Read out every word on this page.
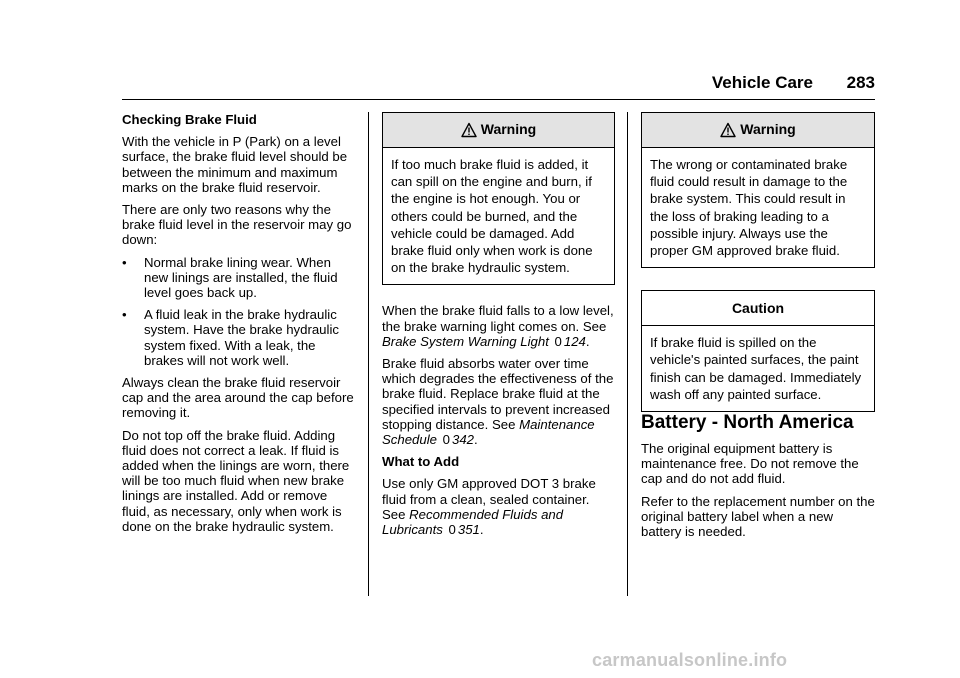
Vehicle Care 283

Checking Brake Fluid

With the vehicle in P (Park) on a level surface, the brake fluid level should be between the minimum and maximum marks on the brake fluid reservoir.

There are only two reasons why the brake fluid level in the reservoir may go down:

•	Normal brake lining wear. When new linings are installed, the fluid level goes back up.
•	A fluid leak in the brake hydraulic system. Have the brake hydraulic system fixed. With a leak, the brakes will not work well.

Always clean the brake fluid reservoir cap and the area around the cap before removing it.

Do not top off the brake fluid. Adding fluid does not correct a leak. If fluid is added when the linings are worn, there will be too much fluid when new brake linings are installed. Add or remove fluid, as necessary, only when work is done on the brake hydraulic system.

Warning
If too much brake fluid is added, it can spill on the engine and burn, if the engine is hot enough. You or others could be burned, and the vehicle could be damaged. Add brake fluid only when work is done on the brake hydraulic system.

When the brake fluid falls to a low level, the brake warning light comes on. See Brake System Warning Light 0 124.

Brake fluid absorbs water over time which degrades the effectiveness of the brake fluid. Replace brake fluid at the specified intervals to prevent increased stopping distance. See Maintenance Schedule 0 342.

What to Add

Use only GM approved DOT 3 brake fluid from a clean, sealed container. See Recommended Fluids and Lubricants 0 351.

Warning
The wrong or contaminated brake fluid could result in damage to the brake system. This could result in the loss of braking leading to a possible injury. Always use the proper GM approved brake fluid.
Caution
If brake fluid is spilled on the vehicle's painted surfaces, the paint finish can be damaged. Immediately wash off any painted surface.

Battery - North America

The original equipment battery is maintenance free. Do not remove the cap and do not add fluid.

Refer to the replacement number on the original battery label when a new battery is needed.

carmanualsonline.info
